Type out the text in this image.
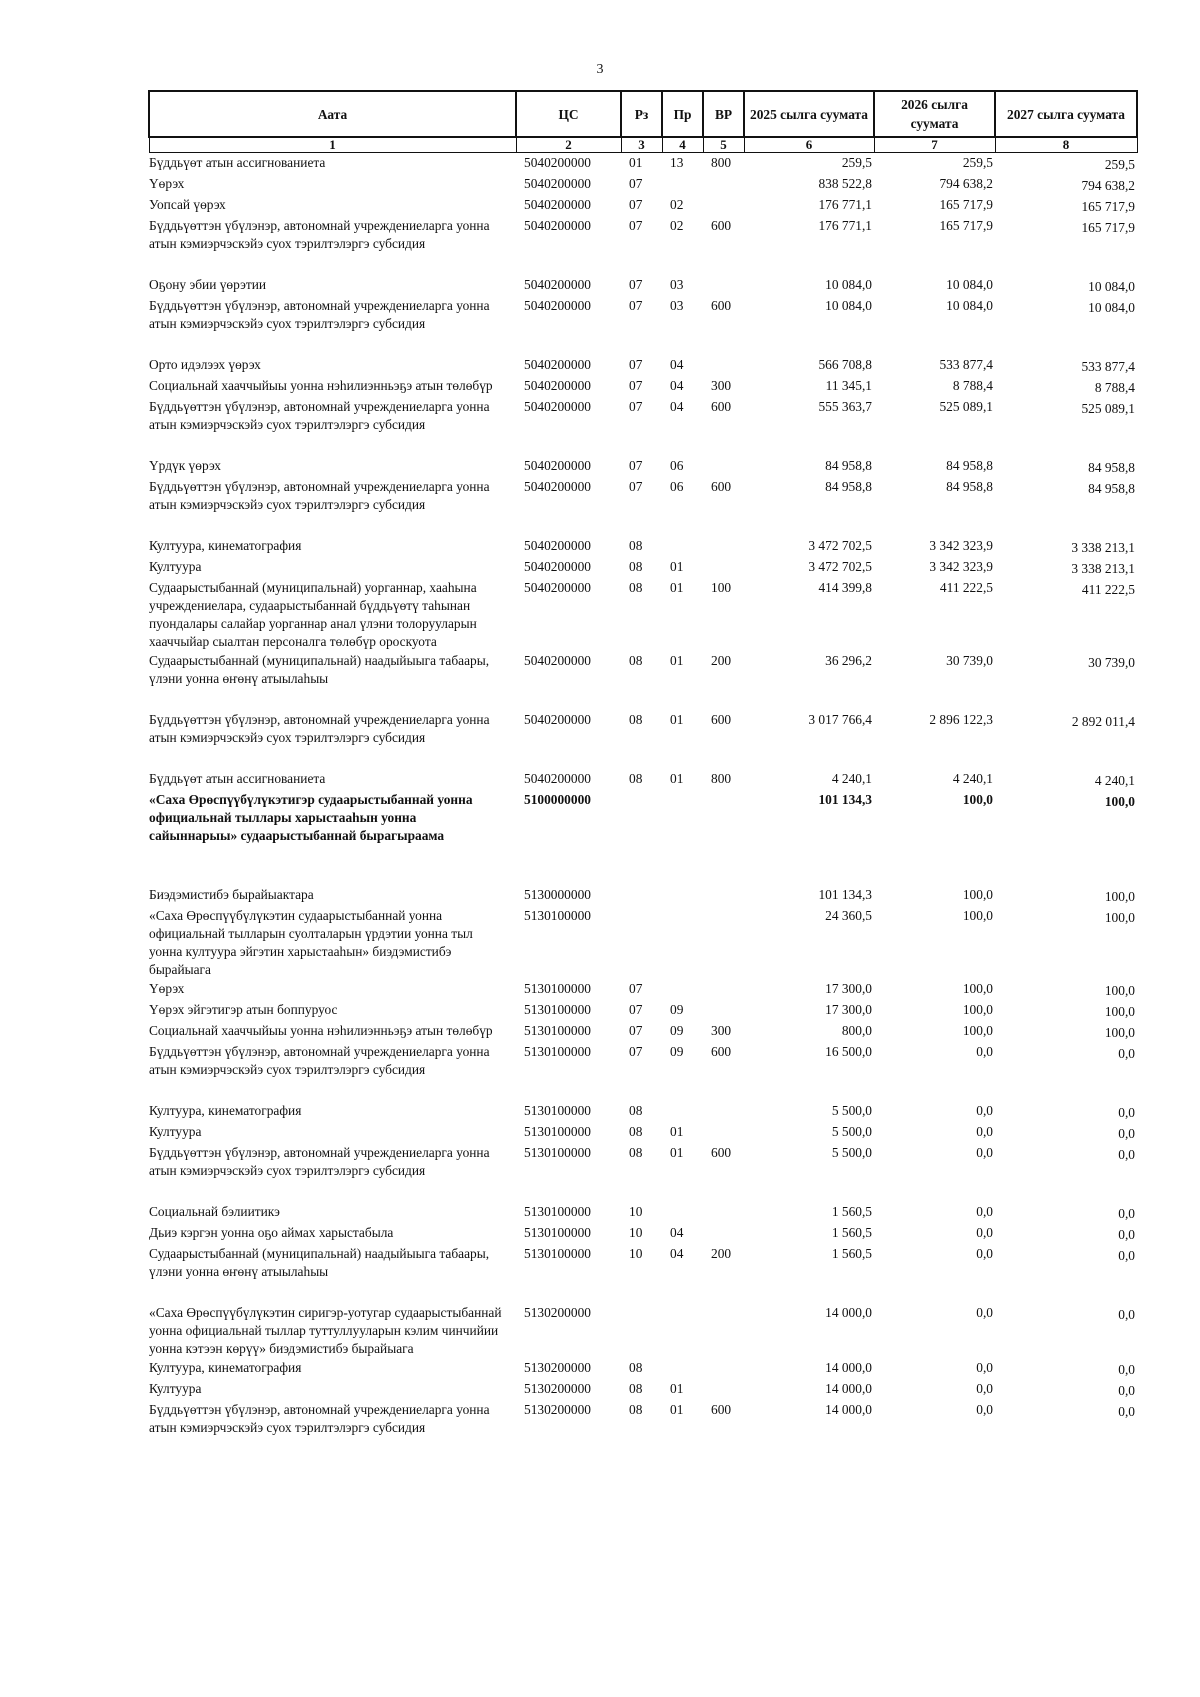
3
Аата	ЦС	Рз	Пр	ВР	2025 сылга суумата	2026 сылга суумата	2027 сылга суумата
1	2	3	4	5	6	7	8
Бүддьүөт атын ассигнованиета	5040200000	01	13	800	259,5	259,5	259,5
Үөрэх	5040200000	07			838 522,8	794 638,2	794 638,2
Уопсай үөрэх	5040200000	07	02		176 771,1	165 717,9	165 717,9
Бүддьүөттэн үбүлэнэр, автономнай учреждениеларга уонна атын кэмиэрчэскэйэ суох тэрилтэлэргэ субсидия	5040200000	07	02	600	176 771,1	165 717,9	165 717,9
Оҕону эбии үөрэтии	5040200000	07	03		10 084,0	10 084,0	10 084,0
Бүддьүөттэн үбүлэнэр, автономнай учреждениеларга уонна атын кэмиэрчэскэйэ суох тэрилтэлэргэ субсидия	5040200000	07	03	600	10 084,0	10 084,0	10 084,0
Орто идэлээх үөрэх	5040200000	07	04		566 708,8	533 877,4	533 877,4
Социальнай хааччыйыы уонна нэһилиэнньэҕэ атын төлөбүр	5040200000	07	04	300	11 345,1	8 788,4	8 788,4
Бүддьүөттэн үбүлэнэр, автономнай учреждениеларга уонна атын кэмиэрчэскэйэ суох тэрилтэлэргэ субсидия	5040200000	07	04	600	555 363,7	525 089,1	525 089,1
Үрдүк үөрэх	5040200000	07	06		84 958,8	84 958,8	84 958,8
Бүддьүөттэн үбүлэнэр, автономнай учреждениеларга уонна атын кэмиэрчэскэйэ суох тэрилтэлэргэ субсидия	5040200000	07	06	600	84 958,8	84 958,8	84 958,8
Култуура, кинематография	5040200000	08			3 472 702,5	3 342 323,9	3 338 213,1
Култуура	5040200000	08	01		3 472 702,5	3 342 323,9	3 338 213,1
Судаарыстыбаннай (муниципальнай) уорганнар, хааһына учреждениелара, судаарыстыбаннай бүддьүөтү таһынан пуондалары салайар уорганнар анал үлэни толорууларын хааччыйар сыалтан персоналга төлөбүр ороскуота	5040200000	08	01	100	414 399,8	411 222,5	411 222,5
Судаарыстыбаннай (муниципальнай) наадыйыыга табаары, үлэни уонна өҥөнү атыылаһыы	5040200000	08	01	200	36 296,2	30 739,0	30 739,0
Бүддьүөттэн үбүлэнэр, автономнай учреждениеларга уонна атын кэмиэрчэскэйэ суох тэрилтэлэргэ субсидия	5040200000	08	01	600	3 017 766,4	2 896 122,3	2 892 011,4
Бүддьүөт атын ассигнованиета	5040200000	08	01	800	4 240,1	4 240,1	4 240,1
«Саха Өрөспүүбүлүкэтигэр судаарыстыбаннай уонна официальнай тыллары харыстааһын уонна сайыннарыы» судаарыстыбаннай бырагыраама	5100000000				101 134,3	100,0	100,0
Биэдэмистибэ бырайыактара	5130000000				101 134,3	100,0	100,0
«Саха Өрөспүүбүлүкэтин судаарыстыбаннай уонна официальнай тылларын суолталарын үрдэтии уонна тыл уонна култуура эйгэтин харыстааһын» биэдэмистибэ бырайыага	5130100000				24 360,5	100,0	100,0
Үөрэх	5130100000	07			17 300,0	100,0	100,0
Үөрэх эйгэтигэр атын боппуруос	5130100000	07	09		17 300,0	100,0	100,0
Социальнай хааччыйыы уонна нэһилиэнньэҕэ атын төлөбүр	5130100000	07	09	300	800,0	100,0	100,0
Бүддьүөттэн үбүлэнэр, автономнай учреждениеларга уонна атын кэмиэрчэскэйэ суох тэрилтэлэргэ субсидия	5130100000	07	09	600	16 500,0	0,0	0,0
Култуура, кинематография	5130100000	08			5 500,0	0,0	0,0
Култуура	5130100000	08	01		5 500,0	0,0	0,0
Бүддьүөттэн үбүлэнэр, автономнай учреждениеларга уонна атын кэмиэрчэскэйэ суох тэрилтэлэргэ субсидия	5130100000	08	01	600	5 500,0	0,0	0,0
Социальнай бэлиитикэ	5130100000	10			1 560,5	0,0	0,0
Дьиэ кэргэн уонна оҕо аймах харыстабыла	5130100000	10	04		1 560,5	0,0	0,0
Судаарыстыбаннай (муниципальнай) наадыйыыга табаары, үлэни уонна өҥөнү атыылаһыы	5130100000	10	04	200	1 560,5	0,0	0,0
«Саха Өрөспүүбүлүкэтин сиригэр-уотугар судаарыстыбаннай уонна официальнай тыллар туттуллууларын кэлим чинчийии уонна кэтээн көрүү» биэдэмистибэ бырайыага	5130200000				14 000,0	0,0	0,0
Култуура, кинематография	5130200000	08			14 000,0	0,0	0,0
Култуура	5130200000	08	01		14 000,0	0,0	0,0
Бүддьүөттэн үбүлэнэр, автономнай учреждениеларга уонна атын кэмиэрчэскэйэ суох тэрилтэлэргэ субсидия	5130200000	08	01	600	14 000,0	0,0	0,0
